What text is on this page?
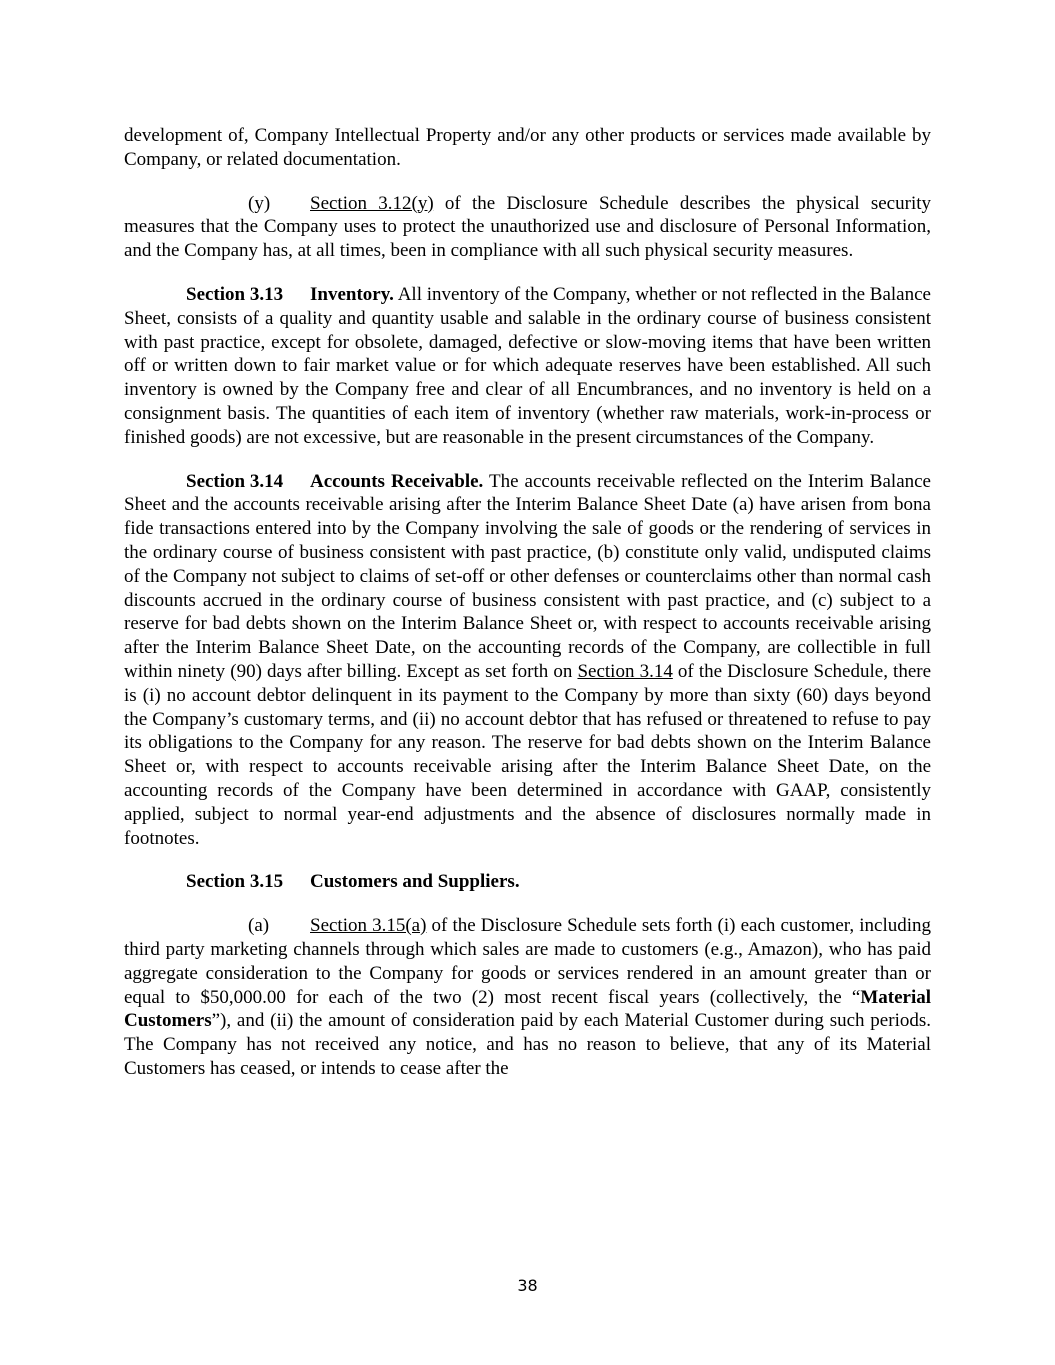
development of, Company Intellectual Property and/or any other products or services made available by Company, or related documentation.

(y) Section 3.12(y) of the Disclosure Schedule describes the physical security measures that the Company uses to protect the unauthorized use and disclosure of Personal Information, and the Company has, at all times, been in compliance with all such physical security measures.

Section 3.13 Inventory. All inventory of the Company, whether or not reflected in the Balance Sheet, consists of a quality and quantity usable and salable in the ordinary course of business consistent with past practice, except for obsolete, damaged, defective or slow-moving items that have been written off or written down to fair market value or for which adequate reserves have been established. All such inventory is owned by the Company free and clear of all Encumbrances, and no inventory is held on a consignment basis. The quantities of each item of inventory (whether raw materials, work-in-process or finished goods) are not excessive, but are reasonable in the present circumstances of the Company.

Section 3.14 Accounts Receivable. The accounts receivable reflected on the Interim Balance Sheet and the accounts receivable arising after the Interim Balance Sheet Date (a) have arisen from bona fide transactions entered into by the Company involving the sale of goods or the rendering of services in the ordinary course of business consistent with past practice, (b) constitute only valid, undisputed claims of the Company not subject to claims of set-off or other defenses or counterclaims other than normal cash discounts accrued in the ordinary course of business consistent with past practice, and (c) subject to a reserve for bad debts shown on the Interim Balance Sheet or, with respect to accounts receivable arising after the Interim Balance Sheet Date, on the accounting records of the Company, are collectible in full within ninety (90) days after billing. Except as set forth on Section 3.14 of the Disclosure Schedule, there is (i) no account debtor delinquent in its payment to the Company by more than sixty (60) days beyond the Company’s customary terms, and (ii) no account debtor that has refused or threatened to refuse to pay its obligations to the Company for any reason. The reserve for bad debts shown on the Interim Balance Sheet or, with respect to accounts receivable arising after the Interim Balance Sheet Date, on the accounting records of the Company have been determined in accordance with GAAP, consistently applied, subject to normal year-end adjustments and the absence of disclosures normally made in footnotes.

Section 3.15 Customers and Suppliers.

(a) Section 3.15(a) of the Disclosure Schedule sets forth (i) each customer, including third party marketing channels through which sales are made to customers (e.g., Amazon), who has paid aggregate consideration to the Company for goods or services rendered in an amount greater than or equal to $50,000.00 for each of the two (2) most recent fiscal years (collectively, the “Material Customers”), and (ii) the amount of consideration paid by each Material Customer during such periods. The Company has not received any notice, and has no reason to believe, that any of its Material Customers has ceased, or intends to cease after the

38
